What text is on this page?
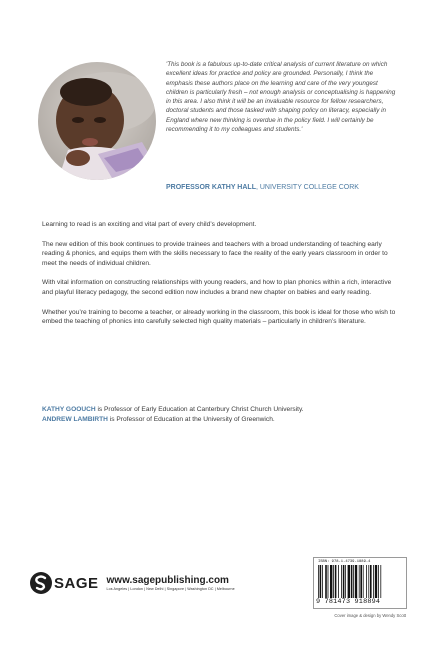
'This book is a fabulous up-to-date critical analysis of current literature on which excellent ideas for practice and policy are grounded. Personally, I think the emphasis these authors place on the learning and care of the very youngest children is particularly fresh – not enough analysis or conceptualising is happening in this area. I also think it will be an invaluable resource for fellow researchers, doctoral students and those tasked with shaping policy on literacy, especially in England where new thinking is overdue in the policy field. I will certainly be recommending it to my colleagues and students.'

PROFESSOR KATHY HALL, UNIVERSITY COLLEGE CORK

Learning to read is an exciting and vital part of every child’s development.

The new edition of this book continues to provide trainees and teachers with a broad understanding of teaching early reading & phonics, and equips them with the skills necessary to face the reality of the early years classroom in order to meet the needs of individual children.

With vital information on constructing relationships with young readers, and how to plan phonics within a rich, interactive and playful literacy pedagogy, the second edition now includes a brand new chapter on babies and early reading.

Whether you’re training to become a teacher, or already working in the classroom, this book is ideal for those who wish to embed the teaching of phonics into carefully selected high quality materials – particularly in children’s literature.

KATHY GOOUCH is Professor of Early Education at Canterbury Christ Church University.

ANDREW LAMBIRTH is Professor of Education at the University of Greenwich.

SAGE www.sagepublishing.com
Los Angeles | London | New Delhi | Singapore | Washington DC | Melbourne
ISBN: 978-1-4739-1889-4
9 781473 918894

Cover image & design by Wendy Scott
